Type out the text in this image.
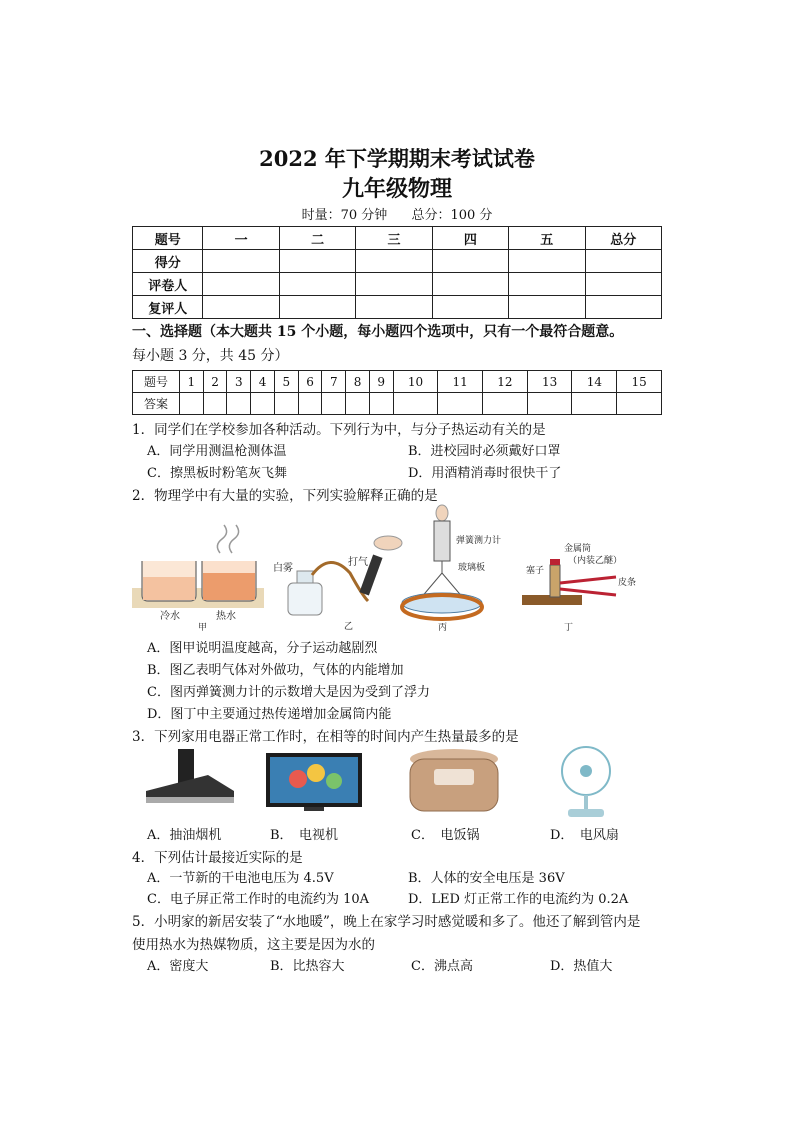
2022 年下学期期末考试试卷
九年级物理
时量：70 分钟 总分：100 分
题号	一	二	三	四	五	总分
得分						
评卷人						
复评人						
一、选择题（本大题共 15 个小题，每小题四个选项中，只有一个最符合题意。
每小题 3 分，共 45 分）
题号	1	2	3	4	5	6	7	8	9	10	11	12	13	14	15
答案															
1．同学们在学校参加各种活动。下列行为中，与分子热运动有关的是
A．同学用测温枪测体温	B．进校园时必须戴好口罩
C．擦黑板时粉笔灰飞舞	D．用酒精消毒时很快干了
2．物理学中有大量的实验，下列实验解释正确的是
冷水	热水
甲
白雾
打气
乙
弹簧测力计
玻璃板
丙
金属筒
（内装乙醚）
塞子
皮条
丁
A．图甲说明温度越高，分子运动越剧烈
B．图乙表明气体对外做功，气体的内能增加
C．图丙弹簧测力计的示数增大是因为受到了浮力
D．图丁中主要通过热传递增加金属筒内能
3．下列家用电器正常工作时，在相等的时间内产生热量最多的是
A．抽油烟机	B．　电视机	C．　电饭锅	D．　电风扇
4．下列估计最接近实际的是
A．一节新的干电池电压为 4.5V	B．人体的安全电压是 36V
C．电子屏正常工作时的电流约为 10A	D．LED 灯正常工作的电流约为 0.2A
5．小明家的新居安装了“水地暖”，晚上在家学习时感觉暖和多了。他还了解到管内是
使用热水为热媒物质，这主要是因为水的
A．密度大	B．比热容大	C．沸点高	D．热值大
